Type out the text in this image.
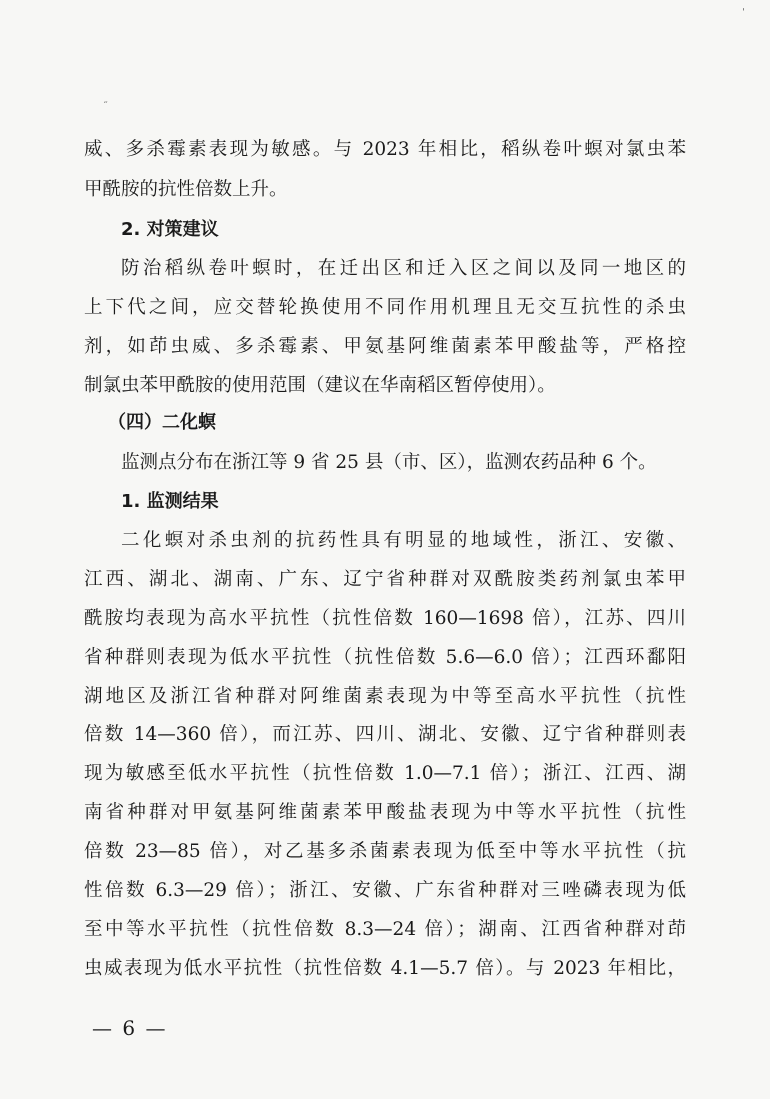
˶
ˈ
威、多杀霉素表现为敏感。与 2023 年相比，稻纵卷叶螟对氯虫苯
甲酰胺的抗性倍数上升。
2. 对策建议
防治稻纵卷叶螟时，在迁出区和迁入区之间以及同一地区的
上下代之间，应交替轮换使用不同作用机理且无交互抗性的杀虫
剂，如茚虫威、多杀霉素、甲氨基阿维菌素苯甲酸盐等，严格控
制氯虫苯甲酰胺的使用范围（建议在华南稻区暂停使用）。
（四）二化螟
监测点分布在浙江等 9 省 25 县（市、区），监测农药品种 6 个。
1. 监测结果
二化螟对杀虫剂的抗药性具有明显的地域性，浙江、安徽、
江西、湖北、湖南、广东、辽宁省种群对双酰胺类药剂氯虫苯甲
酰胺均表现为高水平抗性（抗性倍数 160—1698 倍），江苏、四川
省种群则表现为低水平抗性（抗性倍数 5.6—6.0 倍）；江西环鄱阳
湖地区及浙江省种群对阿维菌素表现为中等至高水平抗性（抗性
倍数 14—360 倍），而江苏、四川、湖北、安徽、辽宁省种群则表
现为敏感至低水平抗性（抗性倍数 1.0—7.1 倍）；浙江、江西、湖
南省种群对甲氨基阿维菌素苯甲酸盐表现为中等水平抗性（抗性
倍数 23—85 倍），对乙基多杀菌素表现为低至中等水平抗性（抗
性倍数 6.3—29 倍）；浙江、安徽、广东省种群对三唑磷表现为低
至中等水平抗性（抗性倍数 8.3—24 倍）；湖南、江西省种群对茚
虫威表现为低水平抗性（抗性倍数 4.1—5.7 倍）。与 2023 年相比，
— 6 —
